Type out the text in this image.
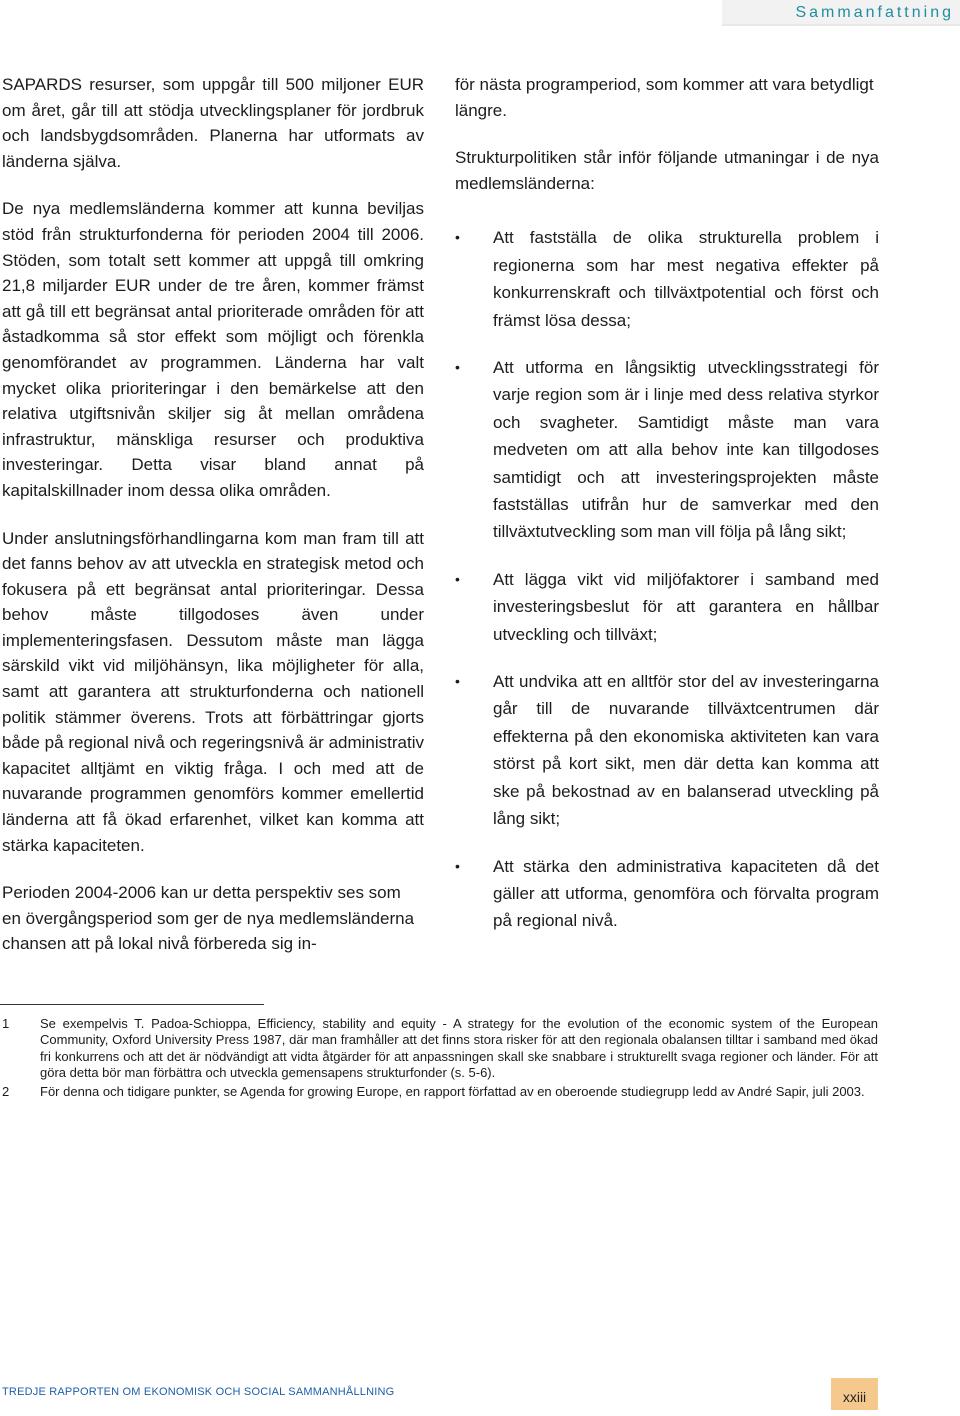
Sammanfattning

SAPARDS resurser, som uppgår till 500 miljoner EUR om året, går till att stödja utvecklingsplaner för jordbruk och landsbygdsområden. Planerna har utformats av länderna själva.

De nya medlemsländerna kommer att kunna beviljas stöd från strukturfonderna för perioden 2004 till 2006. Stöden, som totalt sett kommer att uppgå till omkring 21,8 miljarder EUR under de tre åren, kommer främst att gå till ett begränsat antal prioriterade områden för att åstadkomma så stor effekt som möjligt och förenkla genomförandet av programmen. Länderna har valt mycket olika prioriteringar i den bemärkelse att den relativa utgiftsnivån skiljer sig åt mellan områdena infrastruktur, mänskliga resurser och produktiva investeringar. Detta visar bland annat på kapitalskillnader inom dessa olika områden.

Under anslutningsförhandlingarna kom man fram till att det fanns behov av att utveckla en strategisk metod och fokusera på ett begränsat antal prioriteringar. Dessa behov måste tillgodoses även under implementeringsfasen. Dessutom måste man lägga särskild vikt vid miljöhänsyn, lika möjligheter för alla, samt att garantera att strukturfonderna och nationell politik stämmer överens. Trots att förbättringar gjorts både på regional nivå och regeringsnivå är administrativ kapacitet alltjämt en viktig fråga. I och med att de nuvarande programmen genomförs kommer emellertid länderna att få ökad erfarenhet, vilket kan komma att stärka kapaciteten.

Perioden 2004-2006 kan ur detta perspektiv ses som en övergångsperiod som ger de nya medlemsländerna chansen att på lokal nivå förbereda sig in-

för nästa programperiod, som kommer att vara betydligt längre.

Strukturpolitiken står inför följande utmaningar i de nya medlemsländerna:

• Att fastställa de olika strukturella problem i regionerna som har mest negativa effekter på konkurrenskraft och tillväxtpotential och först och främst lösa dessa;
• Att utforma en långsiktig utvecklingsstrategi för varje region som är i linje med dess relativa styrkor och svagheter. Samtidigt måste man vara medveten om att alla behov inte kan tillgodoses samtidigt och att investeringsprojekten måste fastställas utifrån hur de samverkar med den tillväxtutveckling som man vill följa på lång sikt;
• Att lägga vikt vid miljöfaktorer i samband med investeringsbeslut för att garantera en hållbar utveckling och tillväxt;
• Att undvika att en alltför stor del av investeringarna går till de nuvarande tillväxtcentrumen där effekterna på den ekonomiska aktiviteten kan vara störst på kort sikt, men där detta kan komma att ske på bekostnad av en balanserad utveckling på lång sikt;
• Att stärka den administrativa kapaciteten då det gäller att utforma, genomföra och förvalta program på regional nivå.
1 Se exempelvis T. Padoa-Schioppa, Efficiency, stability and equity - A strategy for the evolution of the economic system of the European Community, Oxford University Press 1987, där man framhåller att det finns stora risker för att den regionala obalansen tilltar i samband med ökad fri konkurrens och att det är nödvändigt att vidta åtgärder för att anpassningen skall ske snabbare i strukturellt svaga regioner och länder. För att göra detta bör man förbättra och utveckla gemensapens strukturfonder (s. 5-6).
2 För denna och tidigare punkter, se Agenda for growing Europe, en rapport författad av en oberoende studiegrupp ledd av André Sapir, juli 2003.
TREDJE RAPPORTEN OM EKONOMISK OCH SOCIAL SAMMANHÅLLNING	xxiii
